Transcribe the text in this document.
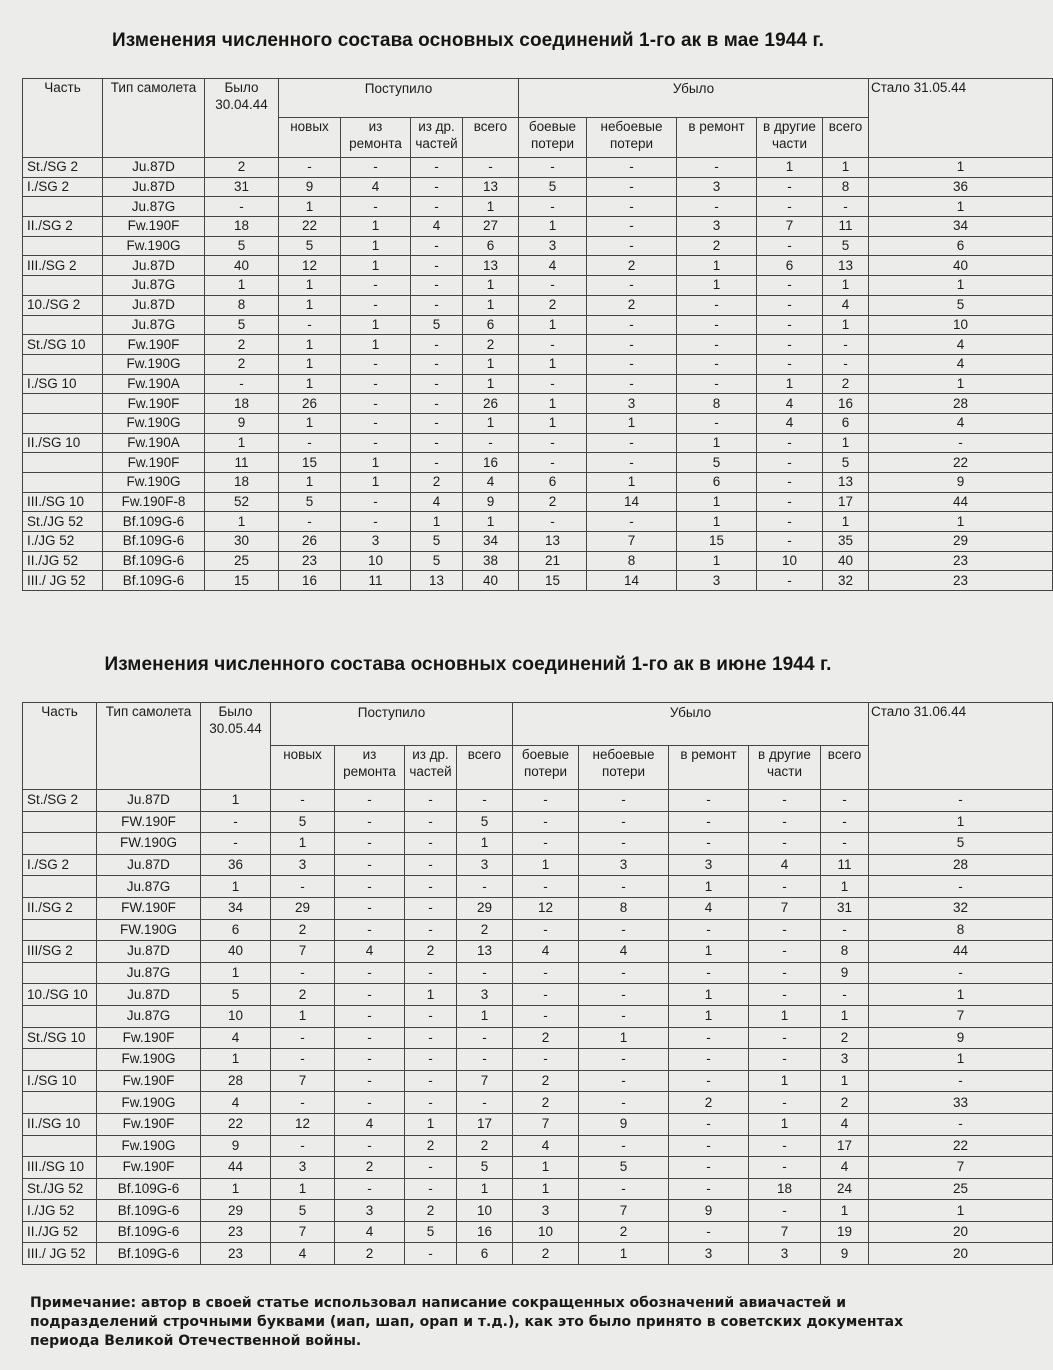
Изменения численного состава основных соединений 1-го ак в мае 1944 г.
Часть	Тип самолета	Было 30.04.44	Поступило				Убыло					Стало 31.05.44
			новых	из ремонта	из др. частей	всего	боевые потери	небоевые потери	в ремонт	в другие части	всего	
St./SG 2	Ju.87D	2	-	-	-	-	-	-	-	1	1	1
I./SG 2	Ju.87D	31	9	4	-	13	5	-	3	-	8	36
	Ju.87G	-	1	-	-	1	-	-	-	-	-	1
II./SG 2	Fw.190F	18	22	1	4	27	1	-	3	7	11	34
	Fw.190G	5	5	1	-	6	3	-	2	-	5	6
III./SG 2	Ju.87D	40	12	1	-	13	4	2	1	6	13	40
	Ju.87G	1	1	-	-	1	-	-	1	-	1	1
10./SG 2	Ju.87D	8	1	-	-	1	2	2	-	-	4	5
	Ju.87G	5	-	1	5	6	1	-	-	-	1	10
St./SG 10	Fw.190F	2	1	1	-	2	-	-	-	-	-	4
	Fw.190G	2	1	-	-	1	1	-	-	-	-	4
I./SG 10	Fw.190A	-	1	-	-	1	-	-	-	1	2	1
	Fw.190F	18	26	-	-	26	1	3	8	4	16	28
	Fw.190G	9	1	-	-	1	1	1	-	4	6	4
II./SG 10	Fw.190A	1	-	-	-	-	-	-	1	-	1	-
	Fw.190F	11	15	1	-	16	-	-	5	-	5	22
	Fw.190G	18	1	1	2	4	6	1	6	-	13	9
III./SG 10	Fw.190F-8	52	5	-	4	9	2	14	1	-	17	44
St./JG 52	Bf.109G-6	1	-	-	1	1	-	-	1	-	1	1
I./JG 52	Bf.109G-6	30	26	3	5	34	13	7	15	-	35	29
II./JG 52	Bf.109G-6	25	23	10	5	38	21	8	1	10	40	23
III./ JG 52	Bf.109G-6	15	16	11	13	40	15	14	3	-	32	23
Изменения численного состава основных соединений 1-го ак в июне 1944 г.
Часть	Тип самолета	Было 30.05.44	Поступило				Убыло					Стало 31.06.44
			новых	из ремонта	из др. частей	всего	боевые потери	небоевые потери	в ремонт	в другие части	всего	
St./SG 2	Ju.87D	1	-	-	-	-	-	-	-	-	-	-
	FW.190F	-	5	-	-	5	-	-	-	-	-	1
	FW.190G	-	1	-	-	1	-	-	-	-	-	5
I./SG 2	Ju.87D	36	3	-	-	3	1	3	3	4	11	28
	Ju.87G	1	-	-	-	-	-	-	1	-	1	-
II./SG 2	FW.190F	34	29	-	-	29	12	8	4	7	31	32
	FW.190G	6	2	-	-	2	-	-	-	-	-	8
III/SG 2	Ju.87D	40	7	4	2	13	4	4	1	-	8	44
	Ju.87G	1	-	-	-	-	-	-	-	-	9	-
10./SG 10	Ju.87D	5	2	-	1	3	-	-	1	-	-	1
	Ju.87G	10	1	-	-	1	-	-	1	1	1	7
St./SG 10	Fw.190F	4	-	-	-	-	2	1	-	-	2	9
	Fw.190G	1	-	-	-	-	-	-	-	-	3	1
I./SG 10	Fw.190F	28	7	-	-	7	2	-	-	1	1	-
	Fw.190G	4	-	-	-	-	2	-	2	-	2	33
II./SG 10	Fw.190F	22	12	4	1	17	7	9	-	1	4	-
	Fw.190G	9	-	-	2	2	4	-	-	-	17	22
III./SG 10	Fw.190F	44	3	2	-	5	1	5	-	-	4	7
St./JG 52	Bf.109G-6	1	1	-	-	1	1	-	-	18	24	25
I./JG 52	Bf.109G-6	29	5	3	2	10	3	7	9	-	1	1
II./JG 52	Bf.109G-6	23	7	4	5	16	10	2	-	7	19	20
III./ JG 52	Bf.109G-6	23	4	2	-	6	2	1	3	3	9	20
Примечание: автор в своей статье использовал написание сокращенных обозначений авиачастей и подразделений строчными буквами (иап, шап, орап и т.д.), как это было принято в советских документах периода Великой Отечественной войны.
